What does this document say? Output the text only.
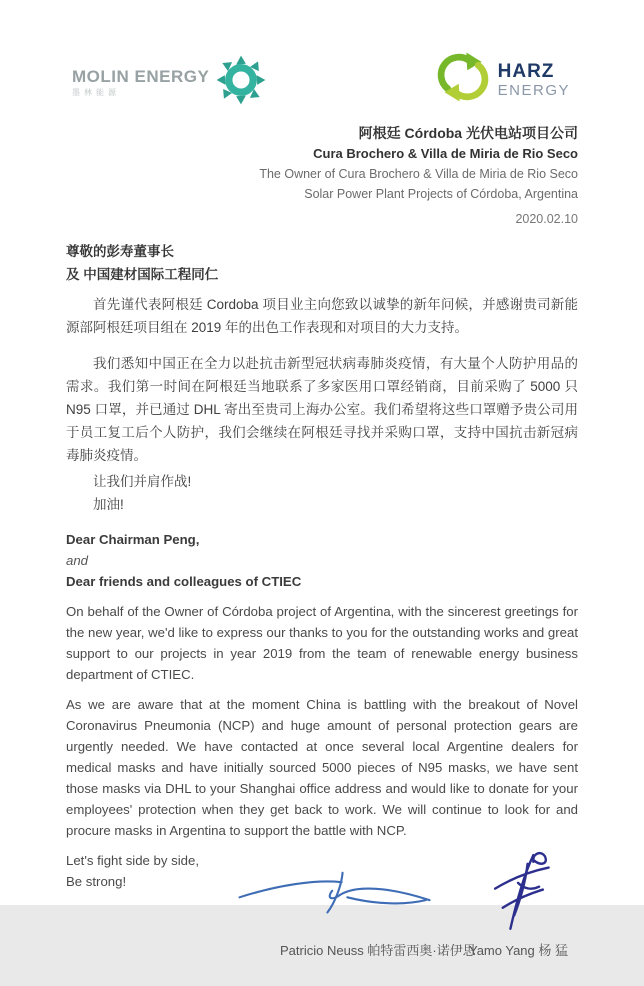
MOLIN ENERGY
墨林能源
HARZ
ENERGY
阿根廷 Córdoba 光伏电站项目公司
Cura Brochero & Villa de Miria de Rio Seco
The Owner of Cura Brochero & Villa de Miria de Rio Seco
Solar Power Plant Projects of Córdoba, Argentina
2020.02.10
尊敬的彭寿董事长
及 中国建材国际工程同仁

首先谨代表阿根廷 Cordoba 项目业主向您致以诚挚的新年问候，并感谢贵司新能源部阿根廷项目组在 2019 年的出色工作表现和对项目的大力支持。

我们悉知中国正在全力以赴抗击新型冠状病毒肺炎疫情，有大量个人防护用品的需求。我们第一时间在阿根廷当地联系了多家医用口罩经销商，目前采购了 5000 只 N95 口罩，并已通过 DHL 寄出至贵司上海办公室。我们希望将这些口罩赠予贵公司用于员工复工后个人防护，我们会继续在阿根廷寻找并采购口罩，支持中国抗击新冠病毒肺炎疫情。

让我们并肩作战!
加油!
Dear Chairman Peng,
and
Dear friends and colleagues of CTIEC

On behalf of the Owner of Córdoba project of Argentina, with the sincerest greetings for the new year, we'd like to express our thanks to you for the outstanding works and great support to our projects in year 2019 from the team of renewable energy business department of CTIEC.

As we are aware that at the moment China is battling with the breakout of Novel Coronavirus Pneumonia (NCP) and huge amount of personal protection gears are urgently needed. We have contacted at once several local Argentine dealers for medical masks and have initially sourced 5000 pieces of N95 masks, we have sent those masks via DHL to your Shanghai office address and would like to donate for your employees' protection when they get back to work. We will continue to look for and procure masks in Argentina to support the battle with NCP.

Let's fight side by side,
Be strong!
Patricio Neuss 帕特雷西奥·诺伊思
Yamo Yang 杨 猛
